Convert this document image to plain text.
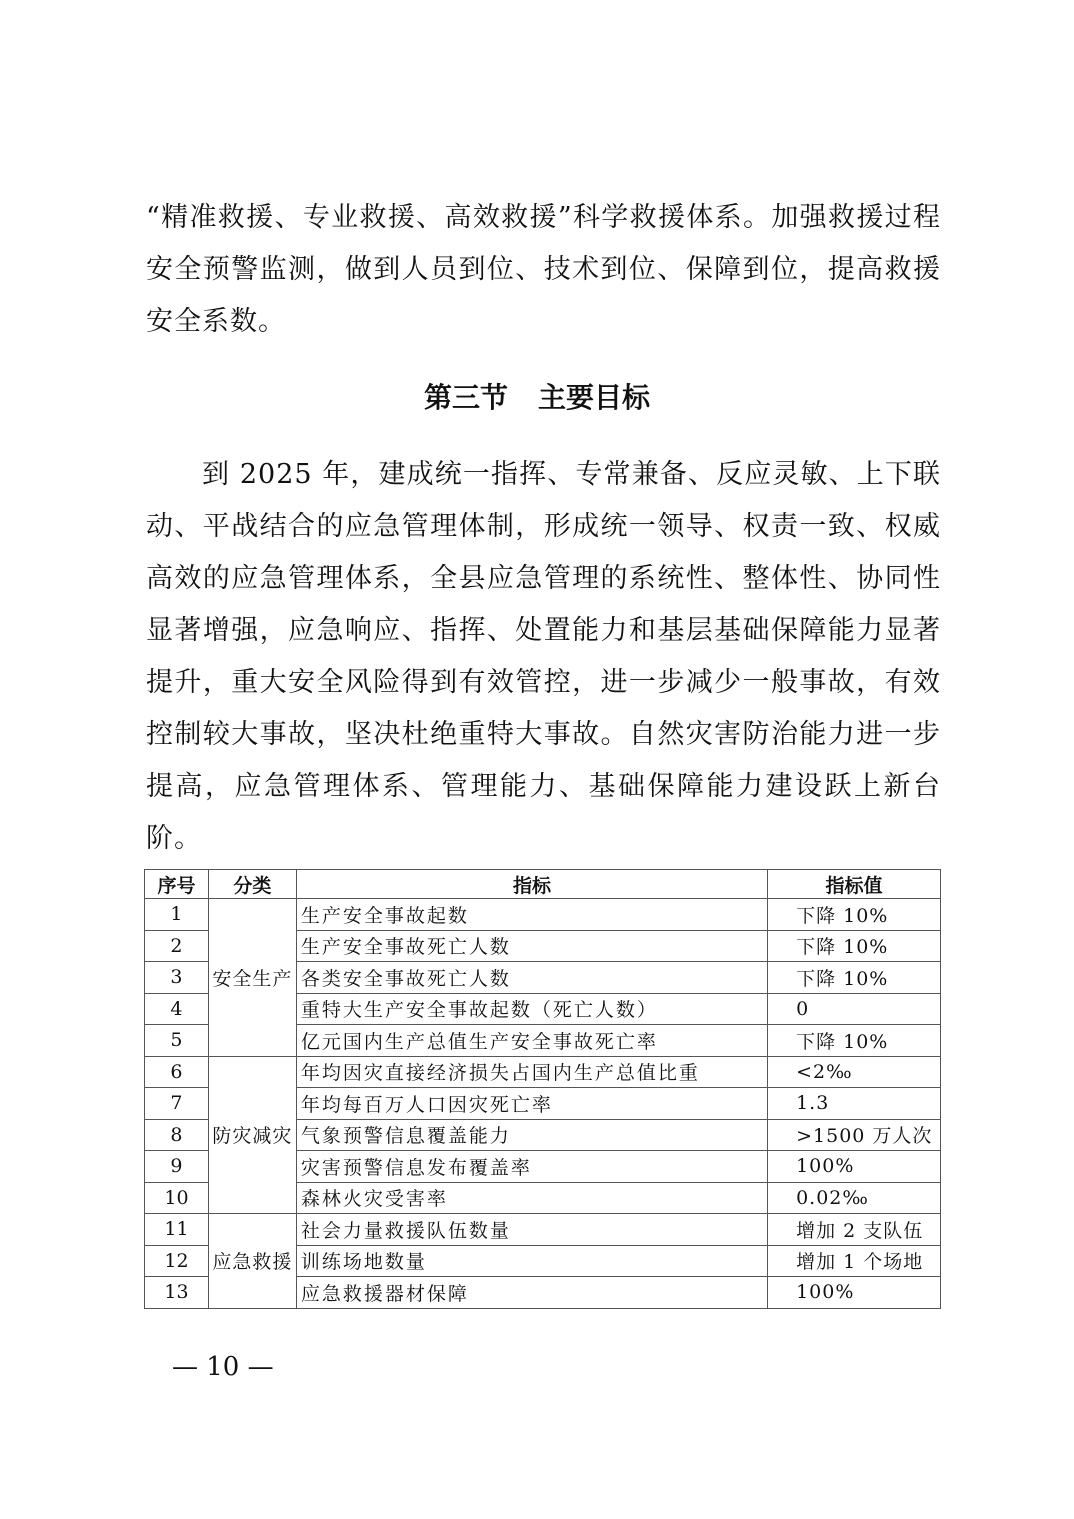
“精准救援、专业救援、高效救援”科学救援体系。加强救援过程安全预警监测，做到人员到位、技术到位、保障到位，提高救援安全系数。

第三节 主要目标

到 2025 年，建成统一指挥、专常兼备、反应灵敏、上下联动、平战结合的应急管理体制，形成统一领导、权责一致、权威高效的应急管理体系，全县应急管理的系统性、整体性、协同性显著增强，应急响应、指挥、处置能力和基层基础保障能力显著提升，重大安全风险得到有效管控，进一步减少一般事故，有效控制较大事故，坚决杜绝重特大事故。自然灾害防治能力进一步提高，应急管理体系、管理能力、基础保障能力建设跃上新台阶。

序号	分类	指标	指标值
1	安全生产	生产安全事故起数	下降 10%
2		生产安全事故死亡人数	下降 10%
3		各类安全事故死亡人数	下降 10%
4		重特大生产安全事故起数（死亡人数）	0
5		亿元国内生产总值生产安全事故死亡率	下降 10%
6	防灾减灾	年均因灾直接经济损失占国内生产总值比重	<2‰
7		年均每百万人口因灾死亡率	1.3
8		气象预警信息覆盖能力	>1500 万人次
9		灾害预警信息发布覆盖率	100%
10		森林火灾受害率	0.02‰
11	应急救援	社会力量救援队伍数量	增加 2 支队伍
12		训练场地数量	增加 1 个场地
13		应急救援器材保障	100%

— 10 —
